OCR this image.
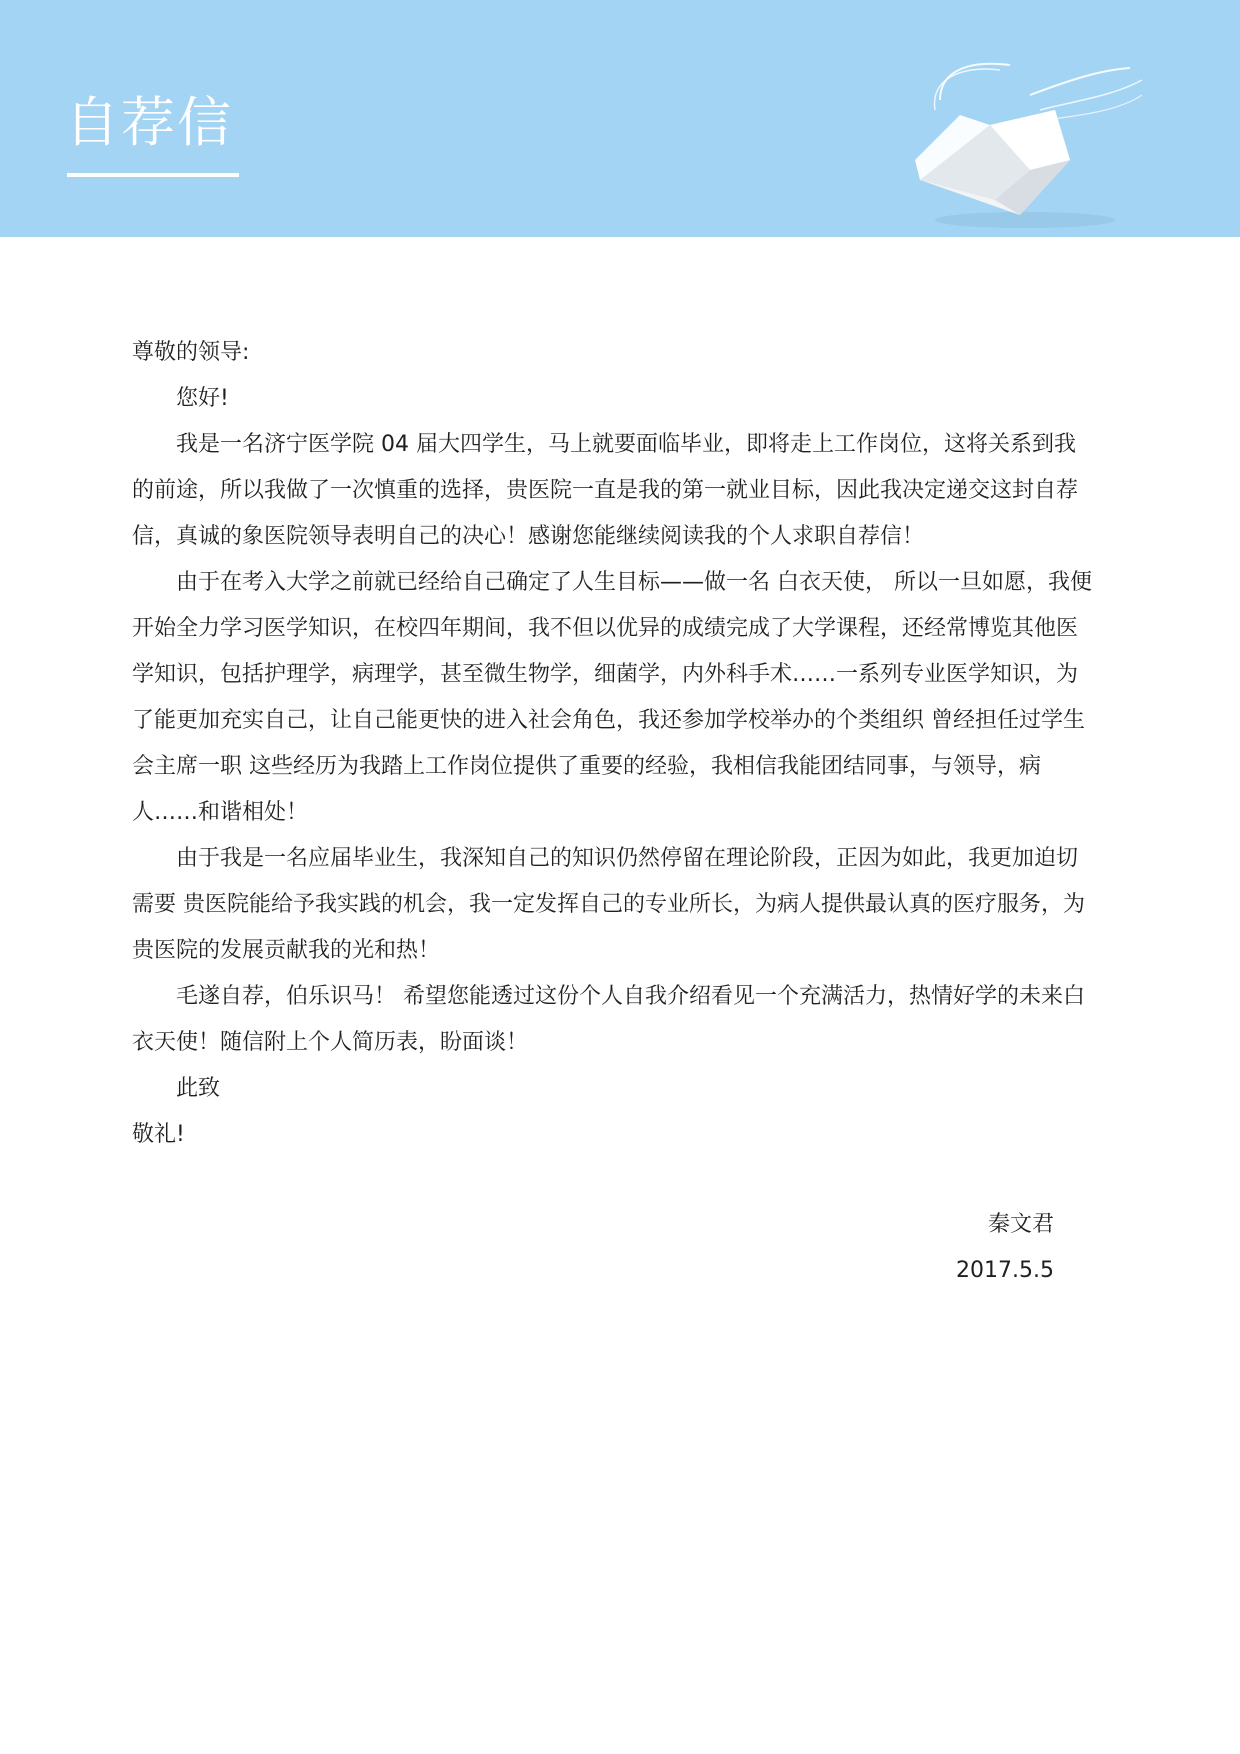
自荐信

尊敬的领导:

您好!

我是一名济宁医学院 04 届大四学生，马上就要面临毕业，即将走上工作岗位，这将关系到我的前途，所以我做了一次慎重的选择，贵医院一直是我的第一就业目标，因此我决定递交这封自荐信，真诚的象医院领导表明自己的决心！感谢您能继续阅读我的个人求职自荐信！

由于在考入大学之前就已经给自己确定了人生目标——做一名 白衣天使， 所以一旦如愿，我便开始全力学习医学知识，在校四年期间，我不但以优异的成绩完成了大学课程，还经常博览其他医学知识，包括护理学，病理学，甚至微生物学，细菌学，内外科手术……一系列专业医学知识，为了能更加充实自己，让自己能更快的进入社会角色，我还参加学校举办的个类组织 曾经担任过学生会主席一职 这些经历为我踏上工作岗位提供了重要的经验，我相信我能团结同事，与领导，病人……和谐相处！

由于我是一名应届毕业生，我深知自己的知识仍然停留在理论阶段，正因为如此，我更加迫切需要 贵医院能给予我实践的机会，我一定发挥自己的专业所长，为病人提供最认真的医疗服务，为贵医院的发展贡献我的光和热！

毛遂自荐，伯乐识马！ 希望您能透过这份个人自我介绍看见一个充满活力，热情好学的未来白衣天使！随信附上个人简历表，盼面谈！

此致

敬礼!

秦文君
2017.5.5
